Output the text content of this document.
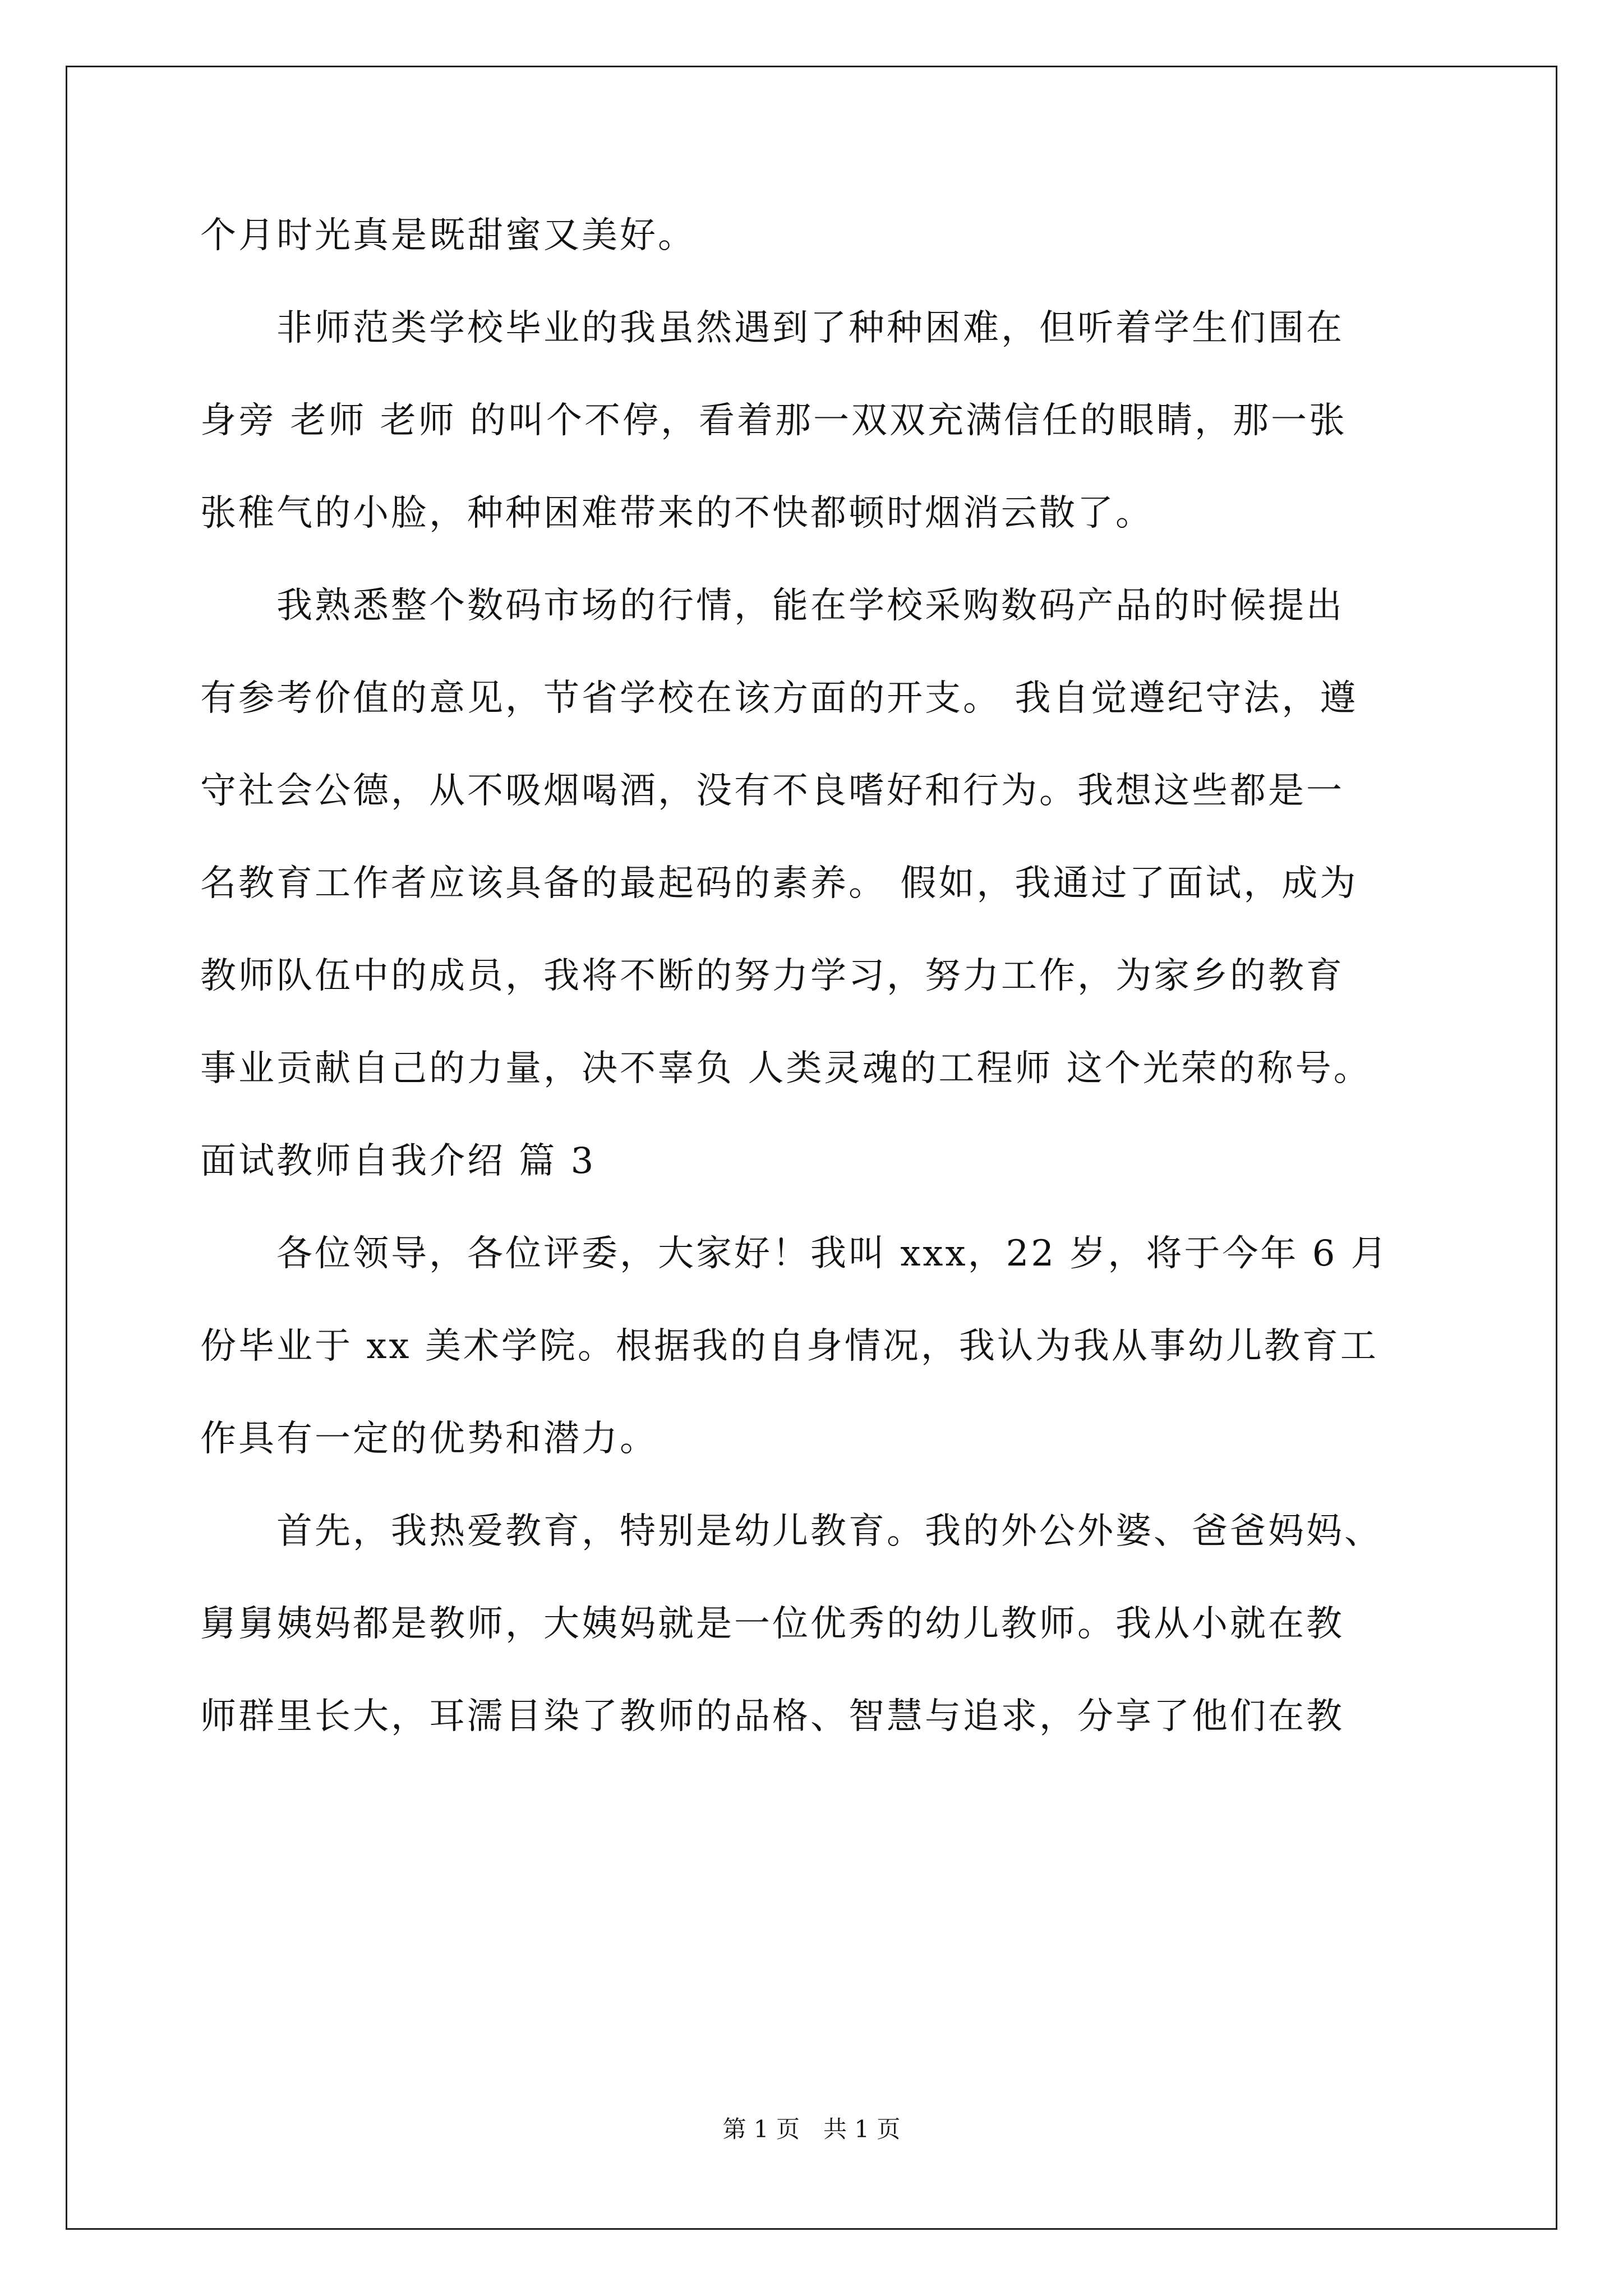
个月时光真是既甜蜜又美好。
　　非师范类学校毕业的我虽然遇到了种种困难，但听着学生们围在
身旁 老师 老师 的叫个不停，看着那一双双充满信任的眼睛，那一张
张稚气的小脸，种种困难带来的不快都顿时烟消云散了。
　　我熟悉整个数码市场的行情，能在学校采购数码产品的时候提出
有参考价值的意见，节省学校在该方面的开支。 我自觉遵纪守法，遵
守社会公德，从不吸烟喝酒，没有不良嗜好和行为。我想这些都是一
名教育工作者应该具备的最起码的素养。 假如，我通过了面试，成为
教师队伍中的成员，我将不断的努力学习，努力工作，为家乡的教育
事业贡献自己的力量，决不辜负 人类灵魂的工程师 这个光荣的称号。
面试教师自我介绍 篇 3
　　各位领导，各位评委，大家好！我叫 xxx，22 岁，将于今年 6 月
份毕业于 xx 美术学院。根据我的自身情况，我认为我从事幼儿教育工
作具有一定的优势和潜力。
　　首先，我热爱教育，特别是幼儿教育。我的外公外婆、爸爸妈妈、
舅舅姨妈都是教师，大姨妈就是一位优秀的幼儿教师。我从小就在教
师群里长大，耳濡目染了教师的品格、智慧与追求，分享了他们在教
第 1 页　共 1 页
